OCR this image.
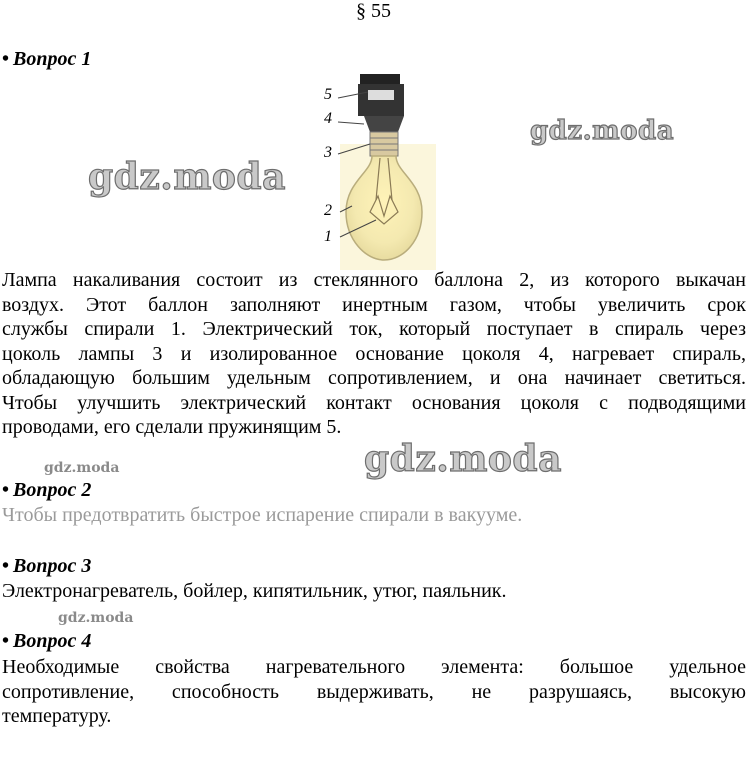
§ 55
• Вопрос 1
5
4
3
2
1
gdz.moda
gdz.moda
Лампа накаливания состоит из стеклянного баллона 2, из которого выкачан
воздух. Этот баллон заполняют инертным газом, чтобы увеличить срок
службы спирали 1. Электрический ток, который поступает в спираль через
цоколь лампы 3 и изолированное основание цоколя 4, нагревает спираль,
обладающую большим удельным сопротивлением, и она начинает светиться.
Чтобы улучшить электрический контакт основания цоколя с подводящими
проводами, его сделали пружинящим 5.
gdz.moda
gdz.moda
• Вопрос 2
Чтобы предотвратить быстрое испарение спирали в вакууме.
• Вопрос 3
Электронагреватель, бойлер, кипятильник, утюг, паяльник.
gdz.moda
• Вопрос 4
Необходимые свойства нагревательного элемента: большое удельное
сопротивление, способность выдерживать, не разрушаясь, высокую
температуру.
